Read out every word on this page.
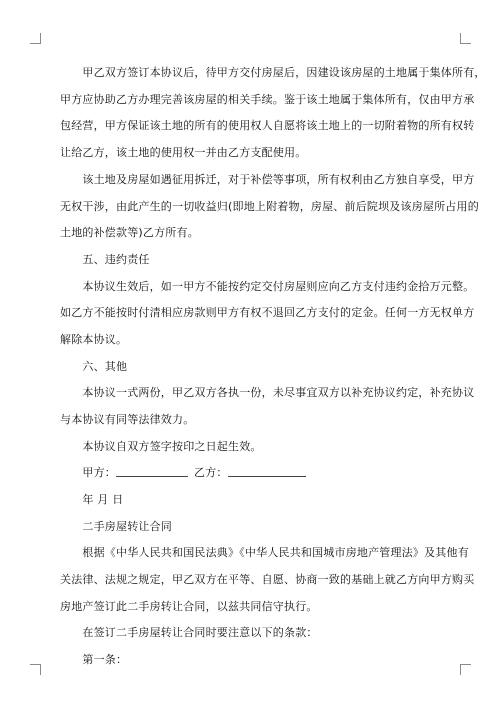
　　甲乙双方签订本协议后，待甲方交付房屋后，因建设该房屋的土地属于集体所有，
甲方应协助乙方办理完善该房屋的相关手续。鉴于该土地属于集体所有，仅由甲方承
包经营，甲方保证该土地的所有的使用权人自愿将该土地上的一切附着物的所有权转
让给乙方，该土地的使用权一并由乙方支配使用。
　　该土地及房屋如遇征用拆迁，对于补偿等事项，所有权利由乙方独自享受，甲方
无权干涉，由此产生的一切收益归(即地上附着物，房屋、前后院坝及该房屋所占用的
土地的补偿款等)乙方所有。
　　五、违约责任
　　本协议生效后，如一甲方不能按约定交付房屋则应向乙方支付违约金拾万元整。
如乙方不能按时付清相应房款则甲方有权不退回乙方支付的定金。任何一方无权单方
解除本协议。
　　六、其他
　　本协议一式两份，甲乙双方各执一份，未尽事宜双方以补充协议约定，补充协议
与本协议有同等法律效力。
　　本协议自双方签字按印之日起生效。
　　甲方：	乙方：
　　年 月 日
　　二手房屋转让合同
　　根据《中华人民共和国民法典》《中华人民共和国城市房地产管理法》及其他有
关法律、法规之规定，甲乙双方在平等、自愿、协商一致的基础上就乙方向甲方购买
房地产签订此二手房转让合同，以兹共同信守执行。
　　在签订二手房屋转让合同时要注意以下的条款：
　　第一条：
